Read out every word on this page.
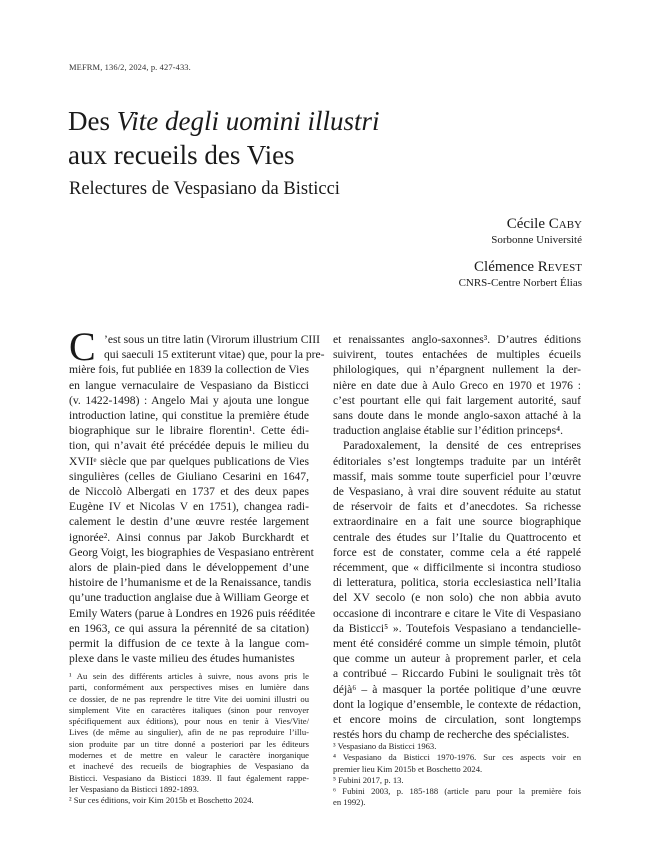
MEFRM, 136/2, 2024, p. 427-433.
Des Vite degli uomini illustri
aux recueils des Vies
Relectures de Vespasiano da Bisticci
Cécile Caby
Sorbonne Université
Clémence Revest
CNRS-Centre Norbert Élias
C ’est sous un titre latin (Virorum illustrium CIII
qui saeculi 15 extiterunt vitae) que, pour la pre-
mière fois, fut publiée en 1839 la collection de Vies
en langue vernaculaire de Vespasiano da Bisticci
(v. 1422-1498) : Angelo Mai y ajouta une longue
introduction latine, qui constitue la première étude
biographique sur le libraire florentin¹. Cette édi-
tion, qui n’avait été précédée depuis le milieu du
XVIIᵉ siècle que par quelques publications de Vies
singulières (celles de Giuliano Cesarini en 1647,
de Niccolò Albergati en 1737 et des deux papes
Eugène IV et Nicolas V en 1751), changea radi-
calement le destin d’une œuvre restée largement
ignorée². Ainsi connus par Jakob Burckhardt et
Georg Voigt, les biographies de Vespasiano entrèrent
alors de plain-pied dans le développement d’une
histoire de l’humanisme et de la Renaissance, tandis
qu’une traduction anglaise due à William George et
Emily Waters (parue à Londres en 1926 puis rééditée
en 1963, ce qui assura la pérennité de sa citation)
permit la diffusion de ce texte à la langue com-
plexe dans le vaste milieu des études humanistes
et renaissantes anglo-saxonnes³. D’autres éditions
suivirent, toutes entachées de multiples écueils
philologiques, qui n’épargnent nullement la der-
nière en date due à Aulo Greco en 1970 et 1976 :
c’est pourtant elle qui fait largement autorité, sauf
sans doute dans le monde anglo-saxon attaché à la
traduction anglaise établie sur l’édition princeps⁴.
Paradoxalement, la densité de ces entreprises
éditoriales s’est longtemps traduite par un intérêt
massif, mais somme toute superficiel pour l’œuvre
de Vespasiano, à vrai dire souvent réduite au statut
de réservoir de faits et d’anecdotes. Sa richesse
extraordinaire en a fait une source biographique
centrale des études sur l’Italie du Quattrocento et
force est de constater, comme cela a été rappelé
récemment, que « difficilmente si incontra studioso
di letteratura, politica, storia ecclesiastica nell’Italia
del XV secolo (e non solo) che non abbia avuto
occasione di incontrare e citare le Vite di Vespasiano
da Bisticci⁵ ». Toutefois Vespasiano a tendancielle-
ment été considéré comme un simple témoin, plutôt
que comme un auteur à proprement parler, et cela
a contribué – Riccardo Fubini le soulignait très tôt
déjà⁶ – à masquer la portée politique d’une œuvre
dont la logique d’ensemble, le contexte de rédaction,
et encore moins de circulation, sont longtemps
restés hors du champ de recherche des spécialistes.
¹ Au sein des différents articles à suivre, nous avons pris le
parti, conformément aux perspectives mises en lumière dans
ce dossier, de ne pas reprendre le titre Vite dei uomini illustri ou
simplement Vite en caractères italiques (sinon pour renvoyer
spécifiquement aux éditions), pour nous en tenir à Vies/Vite/
Lives (de même au singulier), afin de ne pas reproduire l’illu-
sion produite par un titre donné a posteriori par les éditeurs
modernes et de mettre en valeur le caractère inorganique
et inachevé des recueils de biographies de Vespasiano da
Bisticci. Vespasiano da Bisticci 1839. Il faut également rappe-
ler Vespasiano da Bisticci 1892-1893.
² Sur ces éditions, voir Kim 2015b et Boschetto 2024.
³ Vespasiano da Bisticci 1963.
⁴ Vespasiano da Bisticci 1970-1976. Sur ces aspects voir en
premier lieu Kim 2015b et Boschetto 2024.
⁵ Fubini 2017, p. 13.
⁶ Fubini 2003, p. 185-188 (article paru pour la première fois
en 1992).
